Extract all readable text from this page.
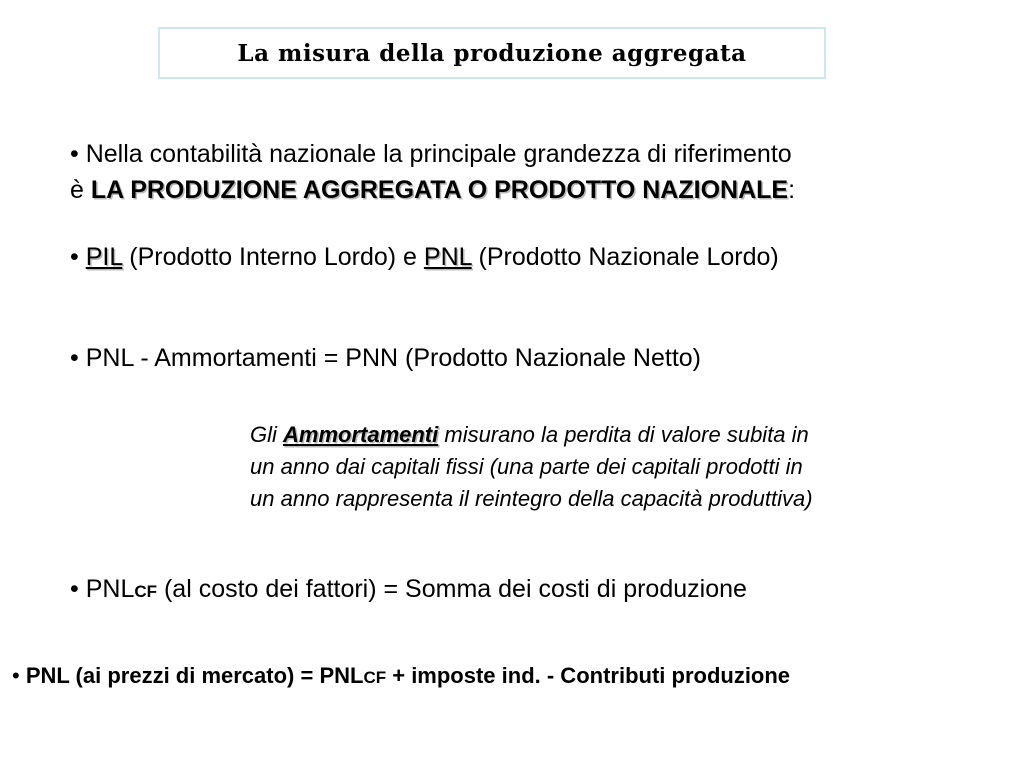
La misura della produzione aggregata
• Nella contabilità nazionale la principale grandezza di riferimento
è LA PRODUZIONE AGGREGATA O PRODOTTO NAZIONALE:
• PIL (Prodotto Interno Lordo) e PNL (Prodotto Nazionale Lordo)
• PNL - Ammortamenti = PNN (Prodotto Nazionale Netto)
Gli Ammortamenti misurano la perdita di valore subita in
un anno dai capitali fissi (una parte dei capitali prodotti in
un anno rappresenta il reintegro della capacità produttiva)
• PNLCF (al costo dei fattori) = Somma dei costi di produzione
• PNL (ai prezzi di mercato) = PNLCF + imposte ind. - Contributi produzione
